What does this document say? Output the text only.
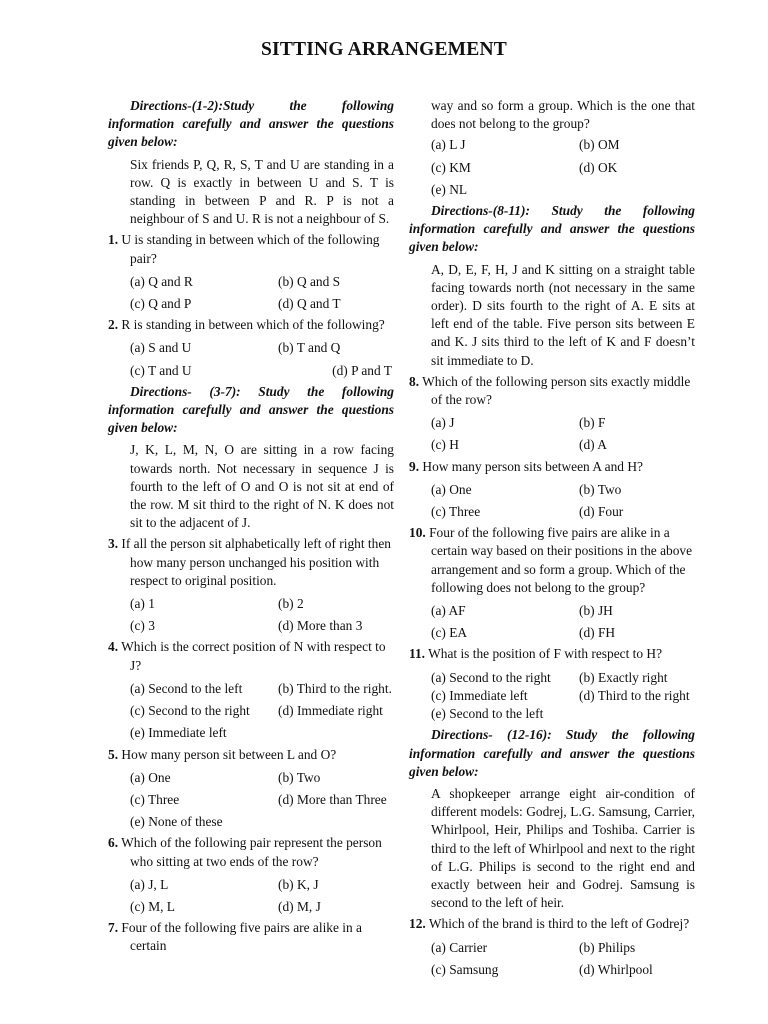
SITTING ARRANGEMENT

Directions-(1-2):Study the following information carefully and answer the questions given below:

Six friends P, Q, R, S, T and U are standing in a row. Q is exactly in between U and S. T is standing in between P and R. P is not a neighbour of S and U. R is not a neighbour of S.

1. U is standing in between which of the following pair?

(a) Q and R	(b) Q and S
(c) Q and P	(d) Q and T

2. R is standing in between which of the following?

(a) S and U	(b) T and Q
(c) T and U	(d) P and T

Directions- (3-7): Study the following information carefully and answer the questions given below:

J, K, L, M, N, O are sitting in a row facing towards north. Not necessary in sequence J is fourth to the left of O and O is not sit at end of the row. M sit third to the right of N. K does not sit to the adjacent of J.

3. If all the person sit alphabetically left of right then how many person unchanged his position with respect to original position.

(a) 1	(b) 2
(c) 3	(d) More than 3

4. Which is the correct position of N with respect to J?

(a) Second to the left	(b) Third to the right.
(c) Second to the right	(d) Immediate right
(e) Immediate left

5. How many person sit between L and O?

(a) One	(b) Two
(c) Three	(d) More than Three
(e) None of these

6. Which of the following pair represent the person who sitting at two ends of the row?

(a) J, L	(b) K, J
(c) M, L	(d) M, J

7. Four of the following five pairs are alike in a certain

way and so form a group. Which is the one that does not belong to the group?

(a) L J	(b) OM
(c) KM	(d) OK
(e) NL

Directions-(8-11): Study the following information carefully and answer the questions given below:

A, D, E, F, H, J and K sitting on a straight table facing towards north (not necessary in the same order). D sits fourth to the right of A. E sits at left end of the table. Five person sits between E and K. J sits third to the left of K and F doesn’t sit immediate to D.

8. Which of the following person sits exactly middle of the row?

(a) J	(b) F
(c) H	(d) A

9. How many person sits between A and H?

(a) One	(b) Two
(c) Three	(d) Four

10. Four of the following five pairs are alike in a certain way based on their positions in the above arrangement and so form a group. Which of the following does not belong to the group?

(a) AF	(b) JH
(c) EA	(d) FH

11. What is the position of F with respect to H?

(a) Second to the right	(b) Exactly right
(c) Immediate left	(d) Third to the right
(e) Second to the left

Directions- (12-16): Study the following information carefully and answer the questions given below:

A shopkeeper arrange eight air-condition of different models: Godrej, L.G. Samsung, Carrier, Whirlpool, Heir, Philips and Toshiba. Carrier is third to the left of Whirlpool and next to the right of L.G. Philips is second to the right end and exactly between heir and Godrej. Samsung is second to the left of heir.

12. Which of the brand is third to the left of Godrej?

(a) Carrier	(b) Philips
(c) Samsung	(d) Whirlpool
